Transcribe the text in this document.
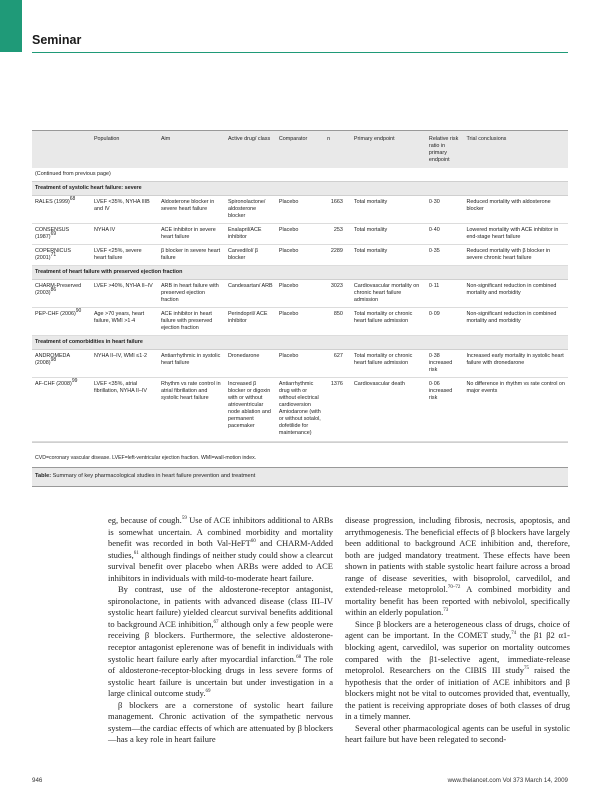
Seminar
	Population	Aim	Active drug/ class	Comparator	n	Primary endpoint	Relative risk ratio in primary endpoint	Trial conclusions
(Continued from previous page)								
Treatment of systolic heart failure: severe								
RALES $(1999)^{68}$	LVEF <35%, NYHA IIIB and IV	Aldosterone blocker in severe heart failure	Spironolactone/ aldosterone blocker	Placebo	1663	Total mortality	0·30	Reduced mortality with aldosterone blocker
CONSENSUS $(1987)^{69}$	NYHA IV	ACE inhibitor in severe heart failure	Enalapril/ACE inhibitor	Placebo	253	Total mortality	0·40	Lowered mortality with ACE inhibitor in end-stage heart failure
COPERNICUS $(2001)^{71}$	LVEF <25%, severe heart failure	β blocker in severe heart failure	Carvedilol/ β blocker	Placebo	2289	Total mortality	0·35	Reduced mortality with β blocker in severe chronic heart failure
Treatment of heart failure with preserved ejection fraction								
CHARM-Preserved $(2003)^{86}$	LVEF >40%, NYHA II–IV	ARB in heart failure with preserved ejection fraction	Candesartan/ ARB	Placebo	3023	Cardiovascular mortality on chronic heart failure admission	0·11	Non-significant reduction in combined mortality and morbidity
PEP-CHF $(2006)^{90}$	Age >70 years, heart failure, WMI >1·4	ACE inhibitor in heart failure with preserved ejection fraction	Perindopril/ ACE inhibitor	Placebo	850	Total mortality or chronic heart failure admission	0·09	Non-significant reduction in combined mortality and morbidity
Treatment of comorbidities in heart failure								
ANDROMEDA $(2008)^{98}$	NYHA II–IV, WMI ≤1·2	Antiarrhythmic in systolic heart failure	Dronedarone	Placebo	627	Total mortality or chronic heart failure admission	0·38 increased risk	Increased early mortality in systolic heart failure with dronedarone
AF-CHF $(2008)^{99}$	LVEF <35%, atrial fibrillation, NYHA II–IV	Rhythm vs rate control in atrial fibrillation and systolic heart failure	Increased β blocker or digoxin with or without atrioventricular node ablation and permanent pacemaker	Antiarrhythmic drug with or without electrical cardioversion Amiodarone (with or without sotalol, dofetilide for maintenance)	1376	Cardiovascular death	0·06 increased risk	No difference in rhythm vs rate control on major events
CVD=coronary vascular disease. LVEF=left-ventricular ejection fraction. WMI=wall-motion index.
Table: Summary of key pharmacological studies in heart failure prevention and treatment

eg, because of cough.$^{59}$ Use of ACE inhibitors additional to ARBs is somewhat uncertain. A combined morbidity and mortality benefit was recorded in both Val-HeFT$^{60}$ and CHARM-Added studies,$^{61}$ although findings of neither study could show a clearcut survival benefit over placebo when ARBs were added to ACE inhibitors in individuals with mild-to-moderate heart failure.

By contrast, use of the aldosterone-receptor antagonist, spironolactone, in patients with advanced disease (class III–IV systolic heart failure) yielded clearcut survival benefits additional to background ACE inhibition,$^{67}$ although only a few people were receiving β blockers. Furthermore, the selective aldosterone-receptor antagonist eplerenone was of benefit in individuals with systolic heart failure early after myocardial infarction.$^{68}$ The role of aldosterone-receptor-blocking drugs in less severe forms of systolic heart failure is uncertain but under investigation in a large clinical outcome study.$^{69}$

β blockers are a cornerstone of systolic heart failure management. Chronic activation of the sympathetic nervous system—the cardiac effects of which are attenuated by β blockers—has a key role in heart failure

disease progression, including fibrosis, necrosis, apoptosis, and arrythmogenesis. The beneficial effects of β blockers have largely been additional to background ACE inhibition and, therefore, both are judged mandatory treatment. These effects have been shown in patients with stable systolic heart failure across a broad range of disease severities, with bisoprolol, carvedilol, and extended-release metoprolol.$^{70-72}$ A combined morbidity and mortality benefit has been reported with nebivolol, specifically within an elderly population.$^{73}$

Since β blockers are a heterogeneous class of drugs, choice of agent can be important. In the COMET study,$^{74}$ the β1 β2 α1-blocking agent, carvedilol, was superior on mortality outcomes compared with the β1-selective agent, immediate-release metoprolol. Researchers on the CIBIS III study$^{75}$ raised the hypothesis that the order of initiation of ACE inhibitors and β blockers might not be vital to outcomes provided that, eventually, the patient is receiving appropriate doses of both classes of drug in a timely manner.

Several other pharmacological agents can be useful in systolic heart failure but have been relegated to second-

946	www.thelancet.com Vol 373 March 14, 2009
